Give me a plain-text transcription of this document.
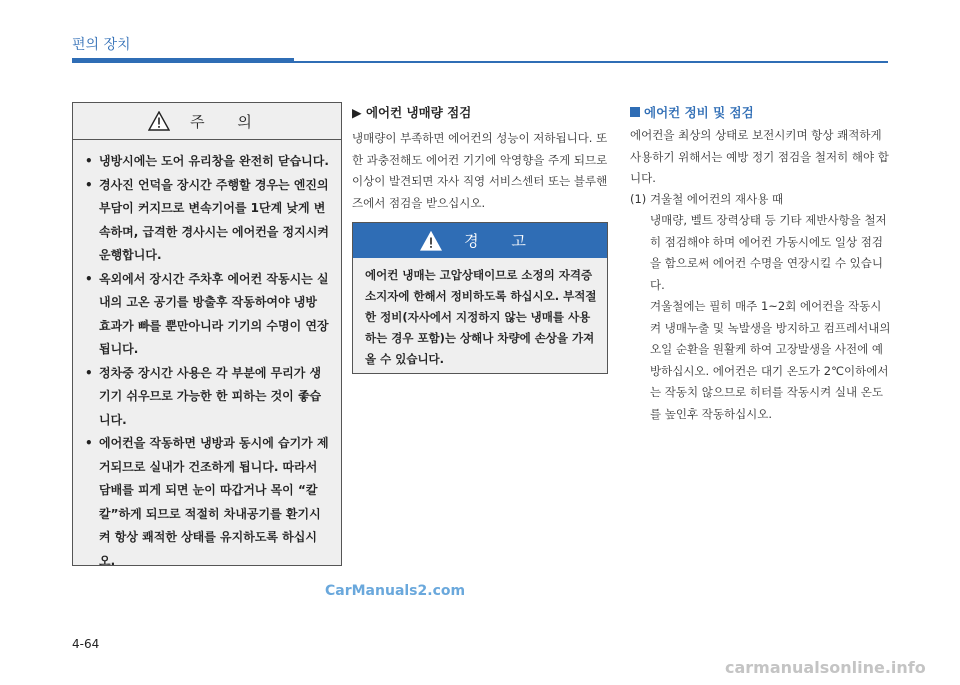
편의 장치
주 의
• 냉방시에는 도어 유리창을 완전히 닫습니다.
• 경사진 언덕을 장시간 주행할 경우는 엔진의 부담이 커지므로 변속기어를 1단계 낮게 변속하며, 급격한 경사시는 에어컨을 정지시켜 운행합니다.
• 옥외에서 장시간 주차후 에어컨 작동시는 실내의 고온 공기를 방출후 작동하여야 냉방 효과가 빠를 뿐만아니라 기기의 수명이 연장됩니다.
• 정차중 장시간 사용은 각 부분에 무리가 생기기 쉬우므로 가능한 한 피하는 것이 좋습니다.
• 에어컨을 작동하면 냉방과 동시에 습기가 제거되므로 실내가 건조하게 됩니다. 따라서 담배를 피게 되면 눈이 따갑거나 목이 “칼칼”하게 되므로 적절히 차내공기를 환기시켜 항상 쾌적한 상태를 유지하도록 하십시오.
▶ 에어컨 냉매량 점검
냉매량이 부족하면 에어컨의 성능이 저하됩니다. 또한 과충전해도 에어컨 기기에 악영향을 주게 되므로 이상이 발견되면 자사 직영 서비스센터 또는 블루핸즈에서 점검을 받으십시오.
경 고
에어컨 냉매는 고압상태이므로 소정의 자격증 소지자에 한해서 정비하도록 하십시오. 부적절한 정비(자사에서 지정하지 않는 냉매를 사용하는 경우 포함)는 상해나 차량에 손상을 가져올 수 있습니다.
에어컨 정비 및 점검
에어컨을 최상의 상태로 보전시키며 항상 쾌적하게 사용하기 위해서는 예방 정기 점검을 철저히 해야 합니다.
(1) 겨울철 에어컨의 재사용 때
냉매량, 벨트 장력상태 등 기타 제반사항을 철저히 점검해야 하며 에어컨 가동시에도 일상 점검을 함으로써 에어컨 수명을 연장시킬 수 있습니다.
겨울철에는 필히 매주 1~2회 에어컨을 작동시켜 냉매누출 및 녹발생을 방지하고 컴프레서내의 오일 순환을 원활케 하여 고장발생을 사전에 예방하십시오. 에어컨은 대기 온도가 2℃이하에서는 작동치 않으므로 히터를 작동시켜 실내 온도를 높인후 작동하십시오.
CarManuals2.com
4-64
carmanualsonline.info
